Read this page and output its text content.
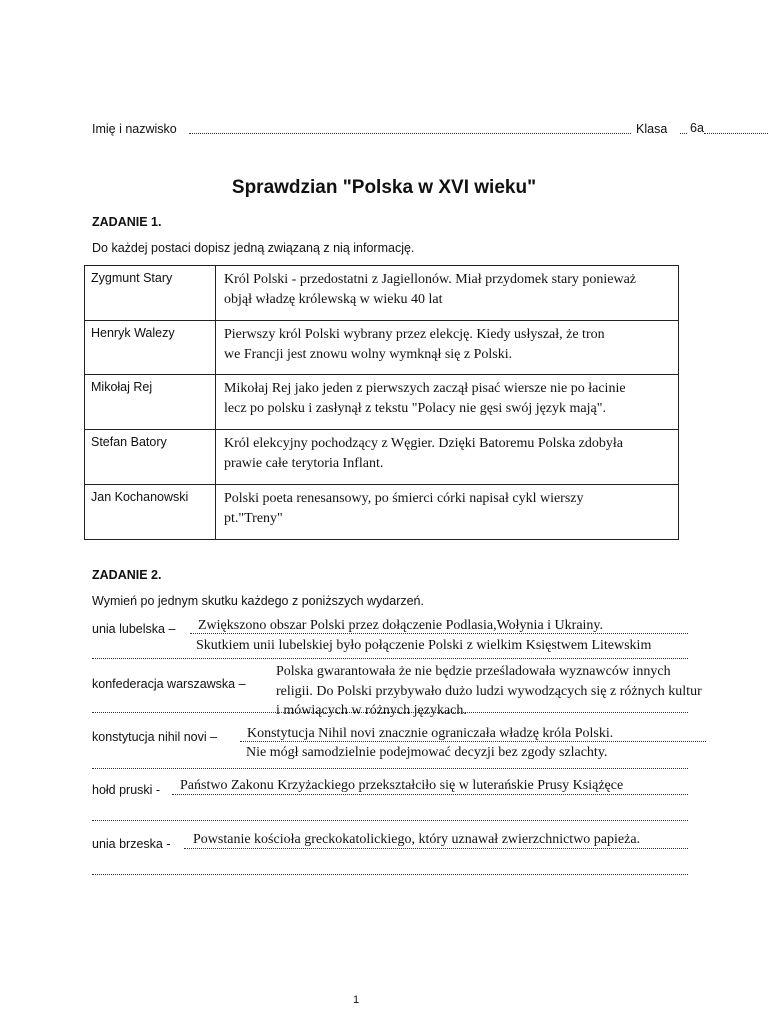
Imię i nazwisko	Klasa 6a
Sprawdzian "Polska w XVI wieku"
ZADANIE 1.
Do każdej postaci dopisz jedną związaną z nią informację.
Zygmunt Stary	Król Polski - przedostatni z Jagiellonów. Miał przydomek stary ponieważ
objął władzę królewską w wieku 40 lat

Henryk Walezy	Pierwszy król Polski wybrany przez elekcję. Kiedy usłyszał, że tron
we Francji jest znowu wolny wymknął się z Polski.

Mikołaj Rej	Mikołaj Rej jako jeden z pierwszych zaczął pisać wiersze nie po łacinie
lecz po polsku i zasłynął z tekstu "Polacy nie gęsi swój język mają".

Stefan Batory	Król elekcyjny pochodzący z Węgier. Dzięki Batoremu Polska zdobyła
prawie całe terytoria Inflant.

Jan Kochanowski	Polski poeta renesansowy, po śmierci córki napisał cykl wierszy
pt."Treny"
ZADANIE 2.
Wymień po jednym skutku każdego z poniższych wydarzeń.
unia lubelska – Zwiększono obszar Polski przez dołączenie Podlasia,Wołynia i Ukrainy.
Skutkiem unii lubelskiej było połączenie Polski z wielkim Księstwem Litewskim
konfederacja warszawska –
Polska gwarantowała że nie będzie prześladowała wyznawców innych
religii. Do Polski przybywało dużo ludzi wywodzących się z różnych kultur
i mówiących w różnych językach.
konstytucja nihil novi – Konstytucja Nihil novi znacznie ograniczała władzę króla Polski.
Nie mógł samodzielnie podejmować decyzji bez zgody szlachty.
hołd pruski - Państwo Zakonu Krzyżackiego przekształciło się w luterańskie Prusy Książęce
unia brzeska - Powstanie kościoła greckokatolickiego, który uznawał zwierzchnictwo papieża.
1
